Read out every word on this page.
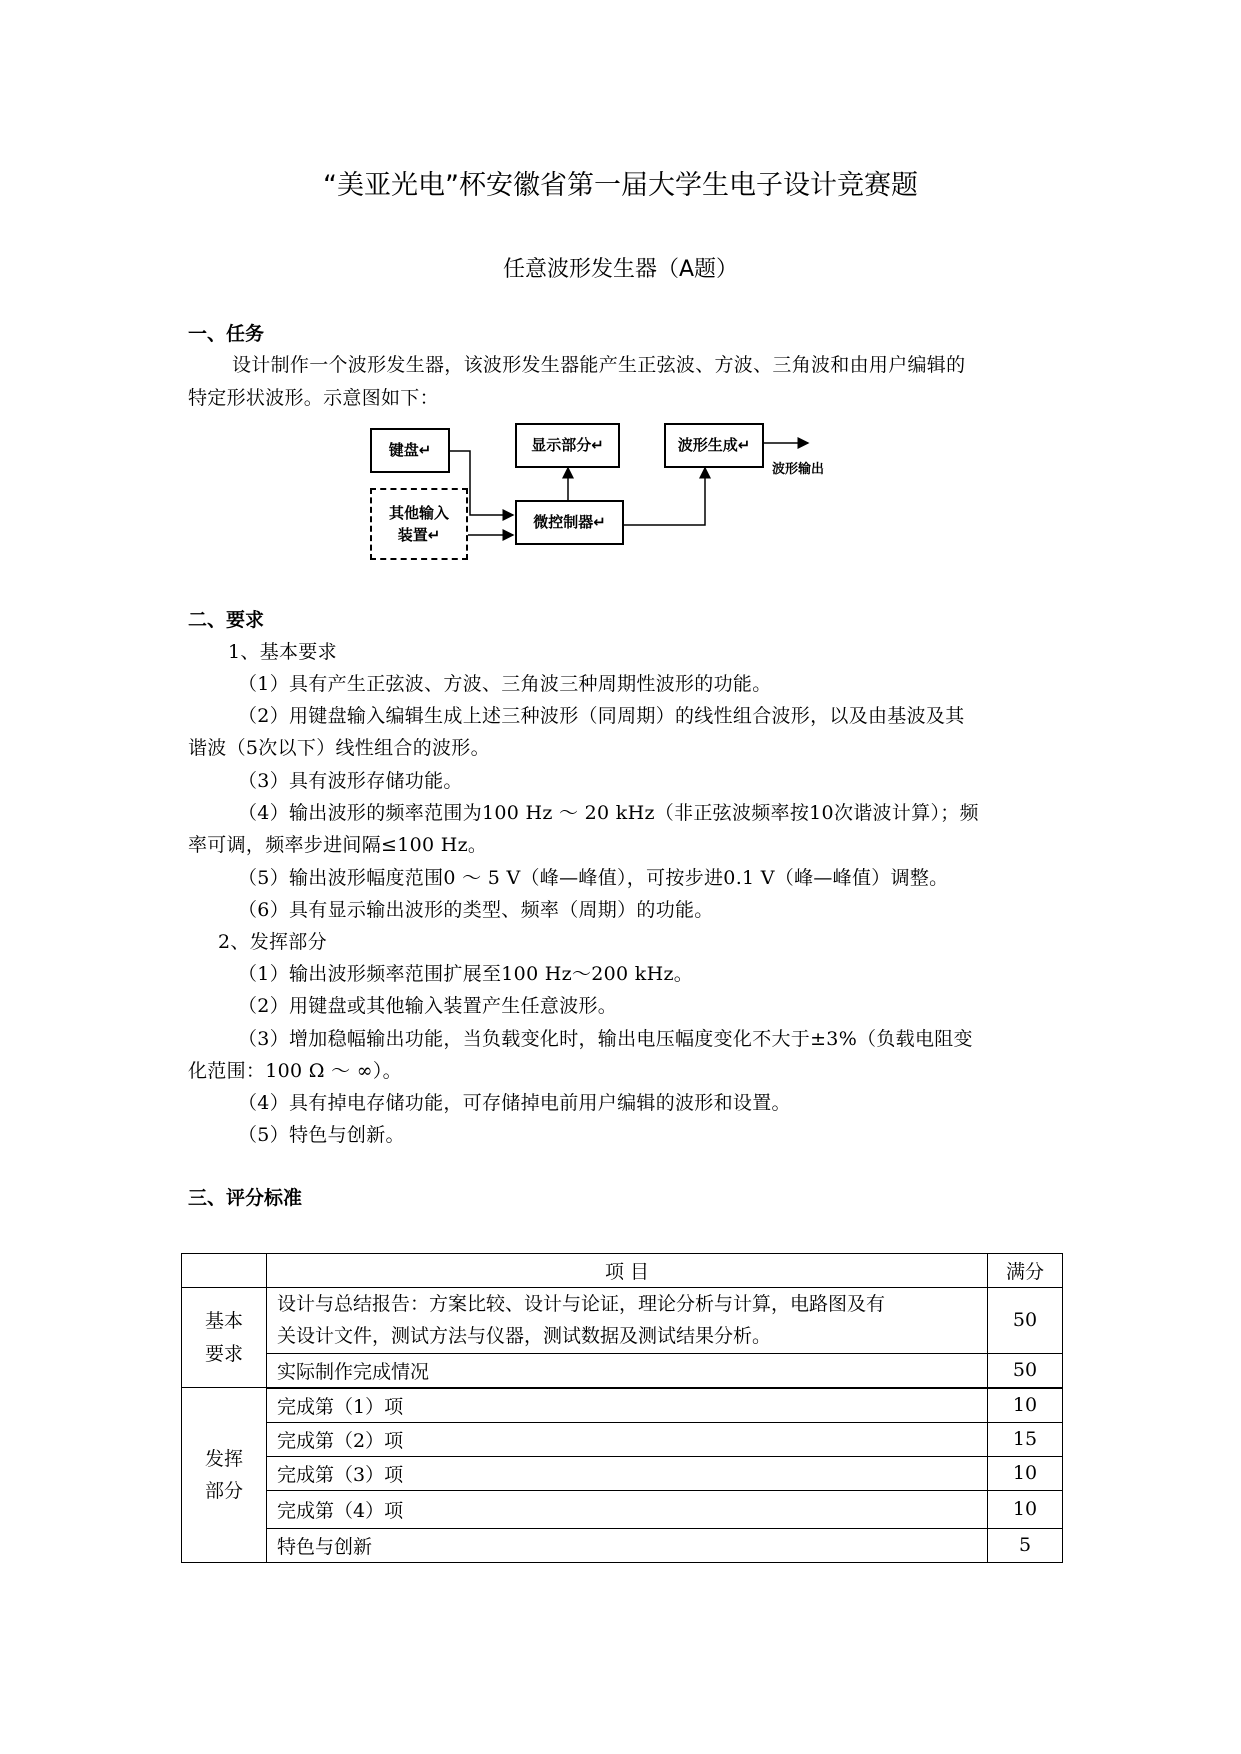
“美亚光电”杯安徽省第一届大学生电子设计竞赛题
任意波形发生器（A题）
一、任务
设计制作一个波形发生器，该波形发生器能产生正弦波、方波、三角波和由用户编辑的
特定形状波形。示意图如下：
键盘↵
其他输入
装置↵
显示部分↵
微控制器↵
波形生成↵
波形输出
二、要求
1、基本要求
（1）具有产生正弦波、方波、三角波三种周期性波形的功能。
（2）用键盘输入编辑生成上述三种波形（同周期）的线性组合波形，以及由基波及其
谐波（5次以下）线性组合的波形。
（3）具有波形存储功能。
（4）输出波形的频率范围为100 Hz ～ 20 kHz（非正弦波频率按10次谐波计算）；频
率可调，频率步进间隔≤100 Hz。
（5）输出波形幅度范围0 ～ 5 V（峰—峰值），可按步进0.1 V（峰—峰值）调整。
（6）具有显示输出波形的类型、频率（周期）的功能。
2、发挥部分
（1）输出波形频率范围扩展至100 Hz～200 kHz。
（2）用键盘或其他输入装置产生任意波形。
（3）增加稳幅输出功能，当负载变化时，输出电压幅度变化不大于±3%（负载电阻变
化范围：100 Ω ～ ∞）。
（4）具有掉电存储功能，可存储掉电前用户编辑的波形和设置。
（5）特色与创新。
三、评分标准
	项 目	满分
基本
要求	设计与总结报告：方案比较、设计与论证，理论分析与计算，电路图及有
关设计文件，测试方法与仪器，测试数据及测试结果分析。	50
	实际制作完成情况	50
发挥
部分	完成第（1）项	10
	完成第（2）项	15
	完成第（3）项	10
	完成第（4）项	10
	特色与创新	5
